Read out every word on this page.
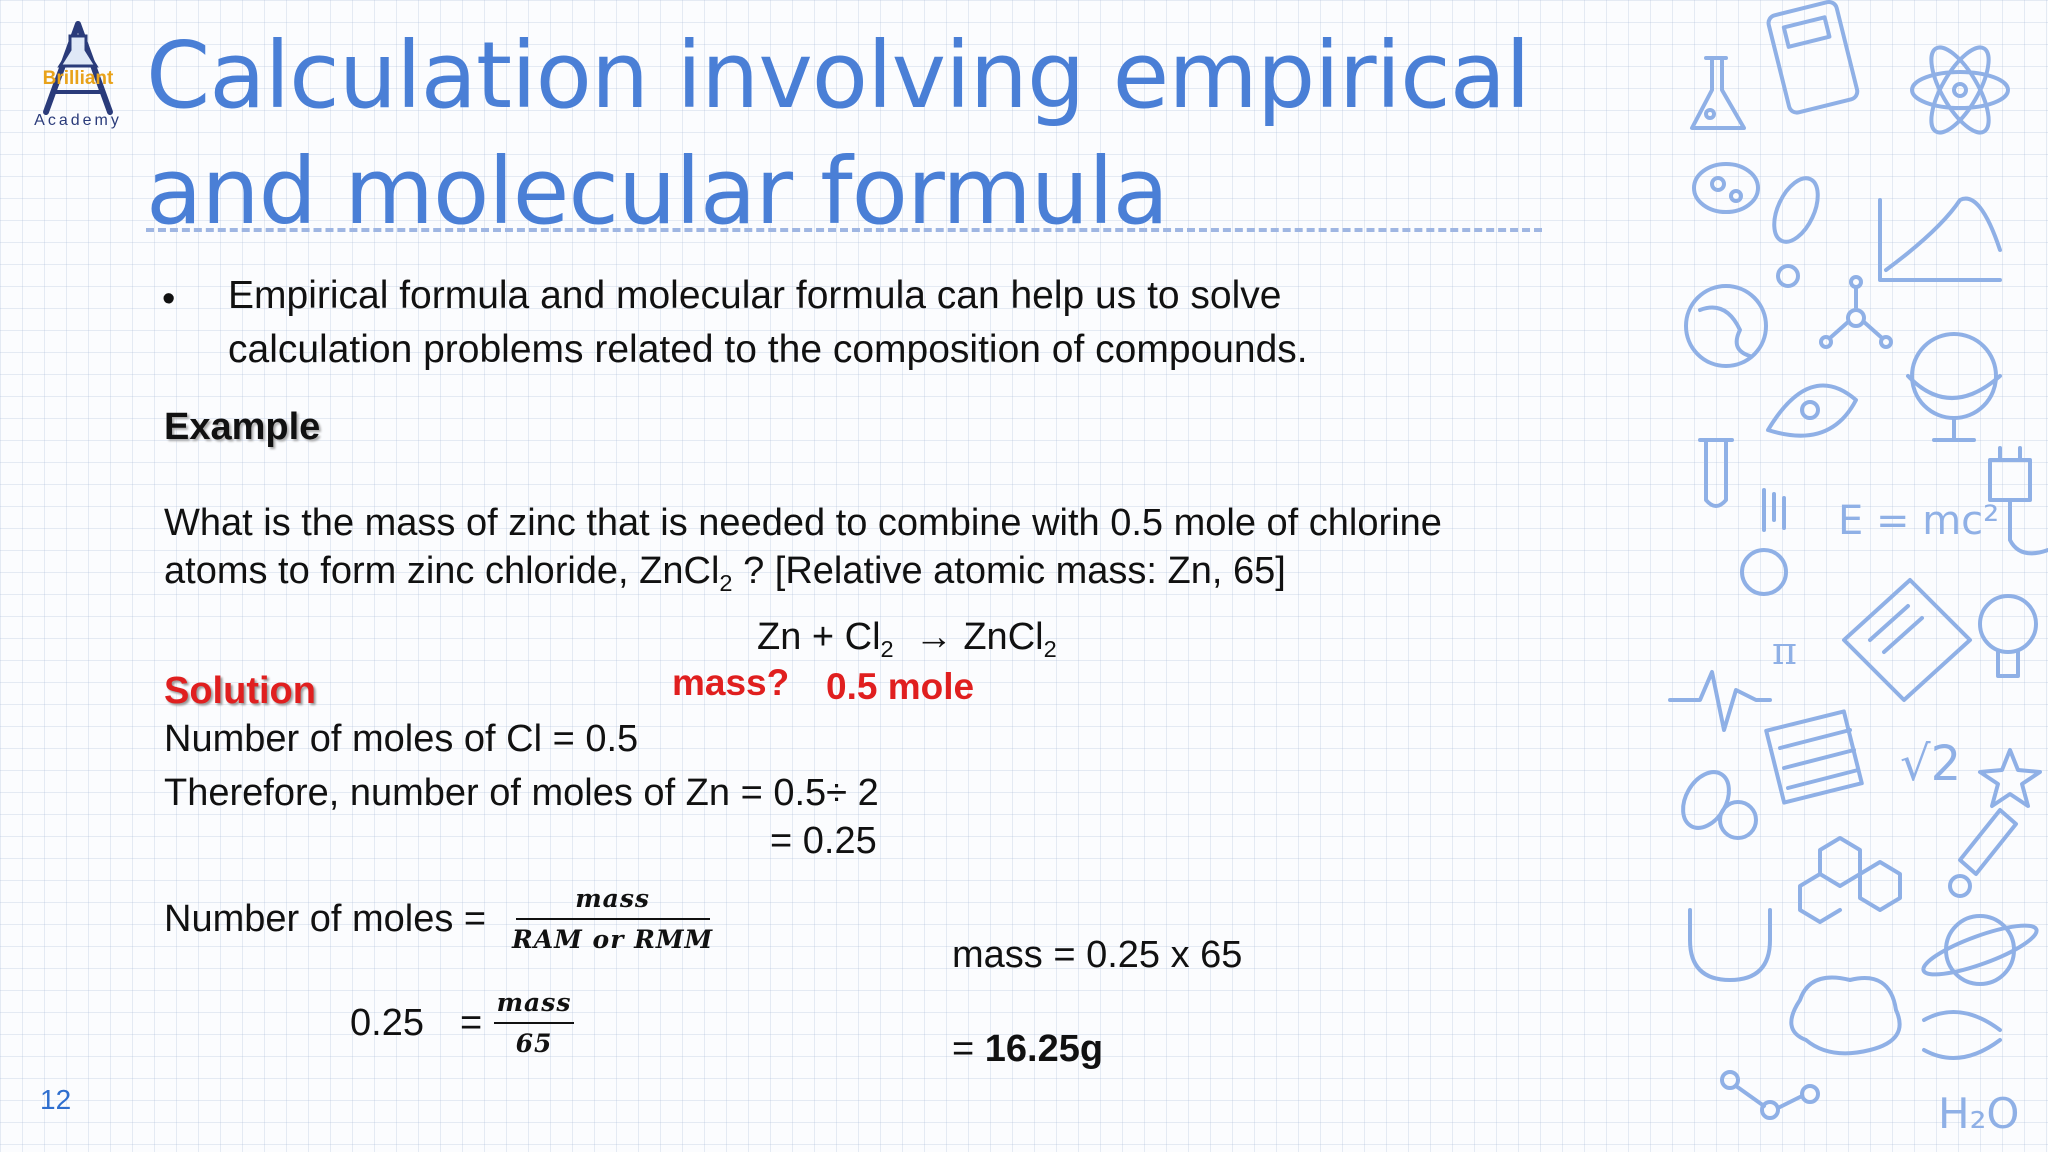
Brilliant
Academy Calculation involving empirical
and molecular formula
• Empirical formula and molecular formula can help us to solve
calculation problems related to the composition of compounds.
Example
What is the mass of zinc that is needed to combine with 0.5 mole of chlorine
atoms to form zinc chloride, ZnCl$_2$ ? [Relative atomic mass: Zn, 65]
$Zn + Cl_2$ → ZnCl$_2$
mass? 0.5 mole
Solution
Number of moles of Cl = 0.5
Therefore, number of moles of Zn = 0.5÷ 2
= 0.25
Number of moles =	mass
RAM or RMM
0.25 = mass
65
mass = 0.25 x 65
= 16.25g
12
E = mc²
π
√2
H₂O
